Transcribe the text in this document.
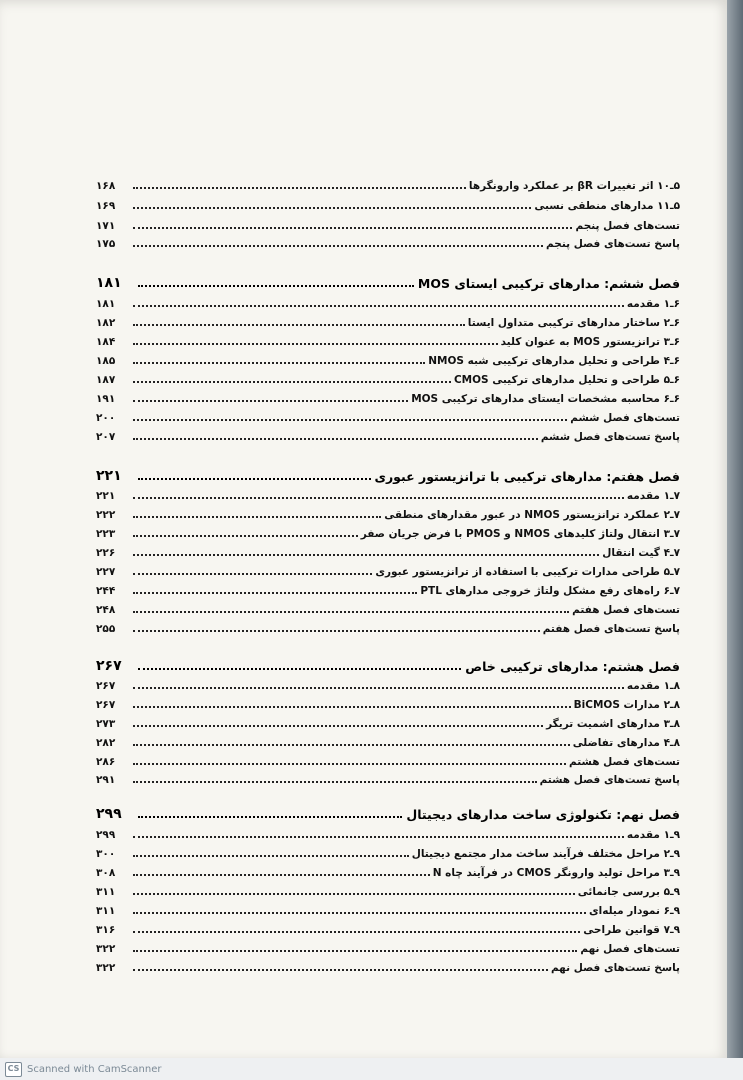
۵ـ۱۰ اثر تغییرات βR بر عملکرد وارونگرها
۱۶۸
۵ـ۱۱ مدارهای منطقی نسبی
۱۶۹
تست‌های فصل پنجم
۱۷۱
پاسخ تست‌های فصل پنجم
۱۷۵
فصل ششم: مدارهای ترکیبی ایستای MOS
۱۸۱
۶ـ۱ مقدمه
۱۸۱
۶ـ۲ ساختار مدارهای ترکیبی متداول ایستا
۱۸۲
۶ـ۳ ترانزیستور MOS به عنوان کلید
۱۸۴
۶ـ۴ طراحی و تحلیل مدارهای ترکیبی شبه NMOS
۱۸۵
۶ـ۵ طراحی و تحلیل مدارهای ترکیبی CMOS
۱۸۷
۶ـ۶ محاسبه مشخصات ایستای مدارهای ترکیبی MOS
۱۹۱
تست‌های فصل ششم
۲۰۰
پاسخ تست‌های فصل ششم
۲۰۷
فصل هفتم: مدارهای ترکیبی با ترانزیستور عبوری
۲۲۱
۷ـ۱ مقدمه
۲۲۱
۷ـ۲ عملکرد ترانزیستور NMOS در عبور مقدارهای منطقی
۲۲۲
۷ـ۳ انتقال ولتاژ کلیدهای NMOS و PMOS با فرض جریان صفر
۲۲۳
۷ـ۴ گیت انتقال
۲۲۶
۷ـ۵ طراحی مدارات ترکیبی با استفاده از ترانزیستور عبوری
۲۲۷
۷ـ۶ راه‌های رفع مشکل ولتاژ خروجی مدارهای PTL
۲۴۴
تست‌های فصل هفتم
۲۴۸
پاسخ تست‌های فصل هفتم
۲۵۵
فصل هشتم: مدارهای ترکیبی خاص
۲۶۷
۸ـ۱ مقدمه
۲۶۷
۸ـ۲ مدارات BiCMOS
۲۶۷
۸ـ۳ مدارهای اشمیت تریگر
۲۷۳
۸ـ۴ مدارهای تفاضلی
۲۸۲
تست‌های فصل هشتم
۲۸۶
پاسخ تست‌های فصل هشتم
۲۹۱
فصل نهم: تکنولوژی ساخت مدارهای دیجیتال
۲۹۹
۹ـ۱ مقدمه
۲۹۹
۹ـ۲ مراحل مختلف فرآیند ساخت مدار مجتمع دیجیتال
۳۰۰
۹ـ۳ مراحل تولید وارونگر CMOS در فرآیند چاه N
۳۰۸
۹ـ۵ بررسی جانمائی
۳۱۱
۹ـ۶ نمودار میله‌ای
۳۱۱
۹ـ۷ قوانین طراحی
۳۱۶
تست‌های فصل نهم
۳۲۲
پاسخ تست‌های فصل نهم
۳۲۲
CS Scanned with CamScanner
